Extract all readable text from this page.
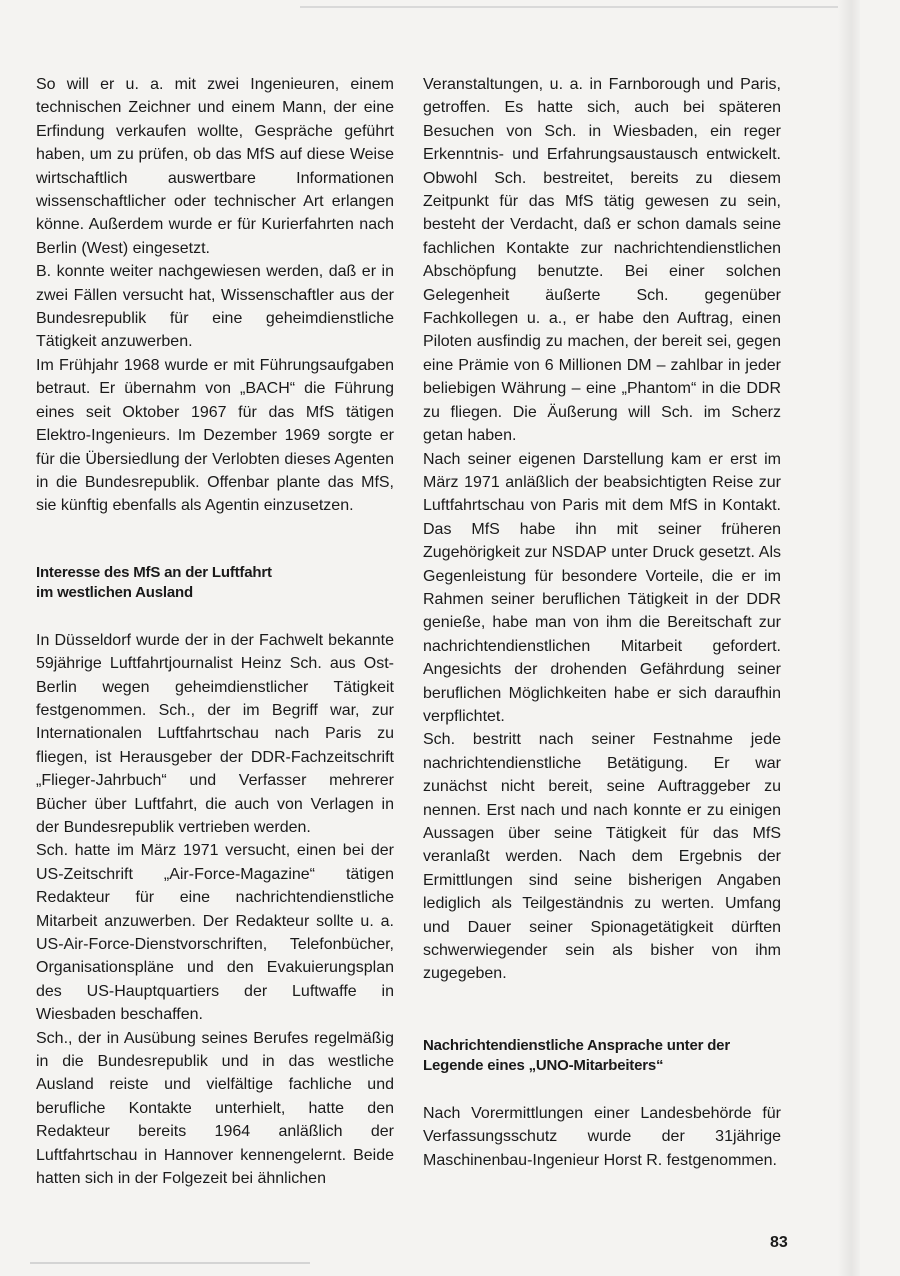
So will er u. a. mit zwei Ingenieuren, einem technischen Zeichner und einem Mann, der eine Erfindung verkaufen wollte, Gespräche geführt haben, um zu prüfen, ob das MfS auf diese Weise wirtschaftlich auswertbare Informationen wissenschaftlicher oder technischer Art erlangen könne. Außerdem wurde er für Kurierfahrten nach Berlin (West) eingesetzt.

B. konnte weiter nachgewiesen werden, daß er in zwei Fällen versucht hat, Wissenschaftler aus der Bundesrepublik für eine geheimdienstliche Tätigkeit anzuwerben.

Im Frühjahr 1968 wurde er mit Führungsaufgaben betraut. Er übernahm von „BACH“ die Führung eines seit Oktober 1967 für das MfS tätigen Elektro-Ingenieurs. Im Dezember 1969 sorgte er für die Übersiedlung der Verlobten dieses Agenten in die Bundesrepublik. Offenbar plante das MfS, sie künftig ebenfalls als Agentin einzusetzen.

Interesse des MfS an der Luftfahrt
im westlichen Ausland

In Düsseldorf wurde der in der Fachwelt bekannte 59jährige Luftfahrtjournalist Heinz Sch. aus Ost-Berlin wegen geheimdienstlicher Tätigkeit festgenommen. Sch., der im Begriff war, zur Internationalen Luftfahrtschau nach Paris zu fliegen, ist Herausgeber der DDR-Fachzeitschrift „Flieger-Jahrbuch“ und Verfasser mehrerer Bücher über Luftfahrt, die auch von Verlagen in der Bundesrepublik vertrieben werden.

Sch. hatte im März 1971 versucht, einen bei der US-Zeitschrift „Air-Force-Magazine“ tätigen Redakteur für eine nachrichtendienstliche Mitarbeit anzuwerben. Der Redakteur sollte u. a. US-Air-Force-Dienstvorschriften, Telefonbücher, Organisationspläne und den Evakuierungsplan des US-Hauptquartiers der Luftwaffe in Wiesbaden beschaffen.

Sch., der in Ausübung seines Berufes regelmäßig in die Bundesrepublik und in das westliche Ausland reiste und vielfältige fachliche und berufliche Kontakte unterhielt, hatte den Redakteur bereits 1964 anläßlich der Luftfahrtschau in Hannover kennengelernt. Beide hatten sich in der Folgezeit bei ähnlichen

Veranstaltungen, u. a. in Farnborough und Paris, getroffen. Es hatte sich, auch bei späteren Besuchen von Sch. in Wiesbaden, ein reger Erkenntnis- und Erfahrungsaustausch entwickelt. Obwohl Sch. bestreitet, bereits zu diesem Zeitpunkt für das MfS tätig gewesen zu sein, besteht der Verdacht, daß er schon damals seine fachlichen Kontakte zur nachrichtendienstlichen Abschöpfung benutzte. Bei einer solchen Gelegenheit äußerte Sch. gegenüber Fachkollegen u. a., er habe den Auftrag, einen Piloten ausfindig zu machen, der bereit sei, gegen eine Prämie von 6 Millionen DM – zahlbar in jeder beliebigen Währung – eine „Phantom“ in die DDR zu fliegen. Die Äußerung will Sch. im Scherz getan haben.

Nach seiner eigenen Darstellung kam er erst im März 1971 anläßlich der beabsichtigten Reise zur Luftfahrtschau von Paris mit dem MfS in Kontakt. Das MfS habe ihn mit seiner früheren Zugehörigkeit zur NSDAP unter Druck gesetzt. Als Gegenleistung für besondere Vorteile, die er im Rahmen seiner beruflichen Tätigkeit in der DDR genieße, habe man von ihm die Bereitschaft zur nachrichtendienstlichen Mitarbeit gefordert. Angesichts der drohenden Gefährdung seiner beruflichen Möglichkeiten habe er sich daraufhin verpflichtet.

Sch. bestritt nach seiner Festnahme jede nachrichtendienstliche Betätigung. Er war zunächst nicht bereit, seine Auftraggeber zu nennen. Erst nach und nach konnte er zu einigen Aussagen über seine Tätigkeit für das MfS veranlaßt werden. Nach dem Ergebnis der Ermittlungen sind seine bisherigen Angaben lediglich als Teilgeständnis zu werten. Umfang und Dauer seiner Spionagetätigkeit dürften schwerwiegender sein als bisher von ihm zugegeben.

Nachrichtendienstliche Ansprache unter der
Legende eines „UNO-Mitarbeiters“

Nach Vorermittlungen einer Landesbehörde für Verfassungsschutz wurde der 31jährige Maschinenbau-Ingenieur Horst R. festgenommen.

83
